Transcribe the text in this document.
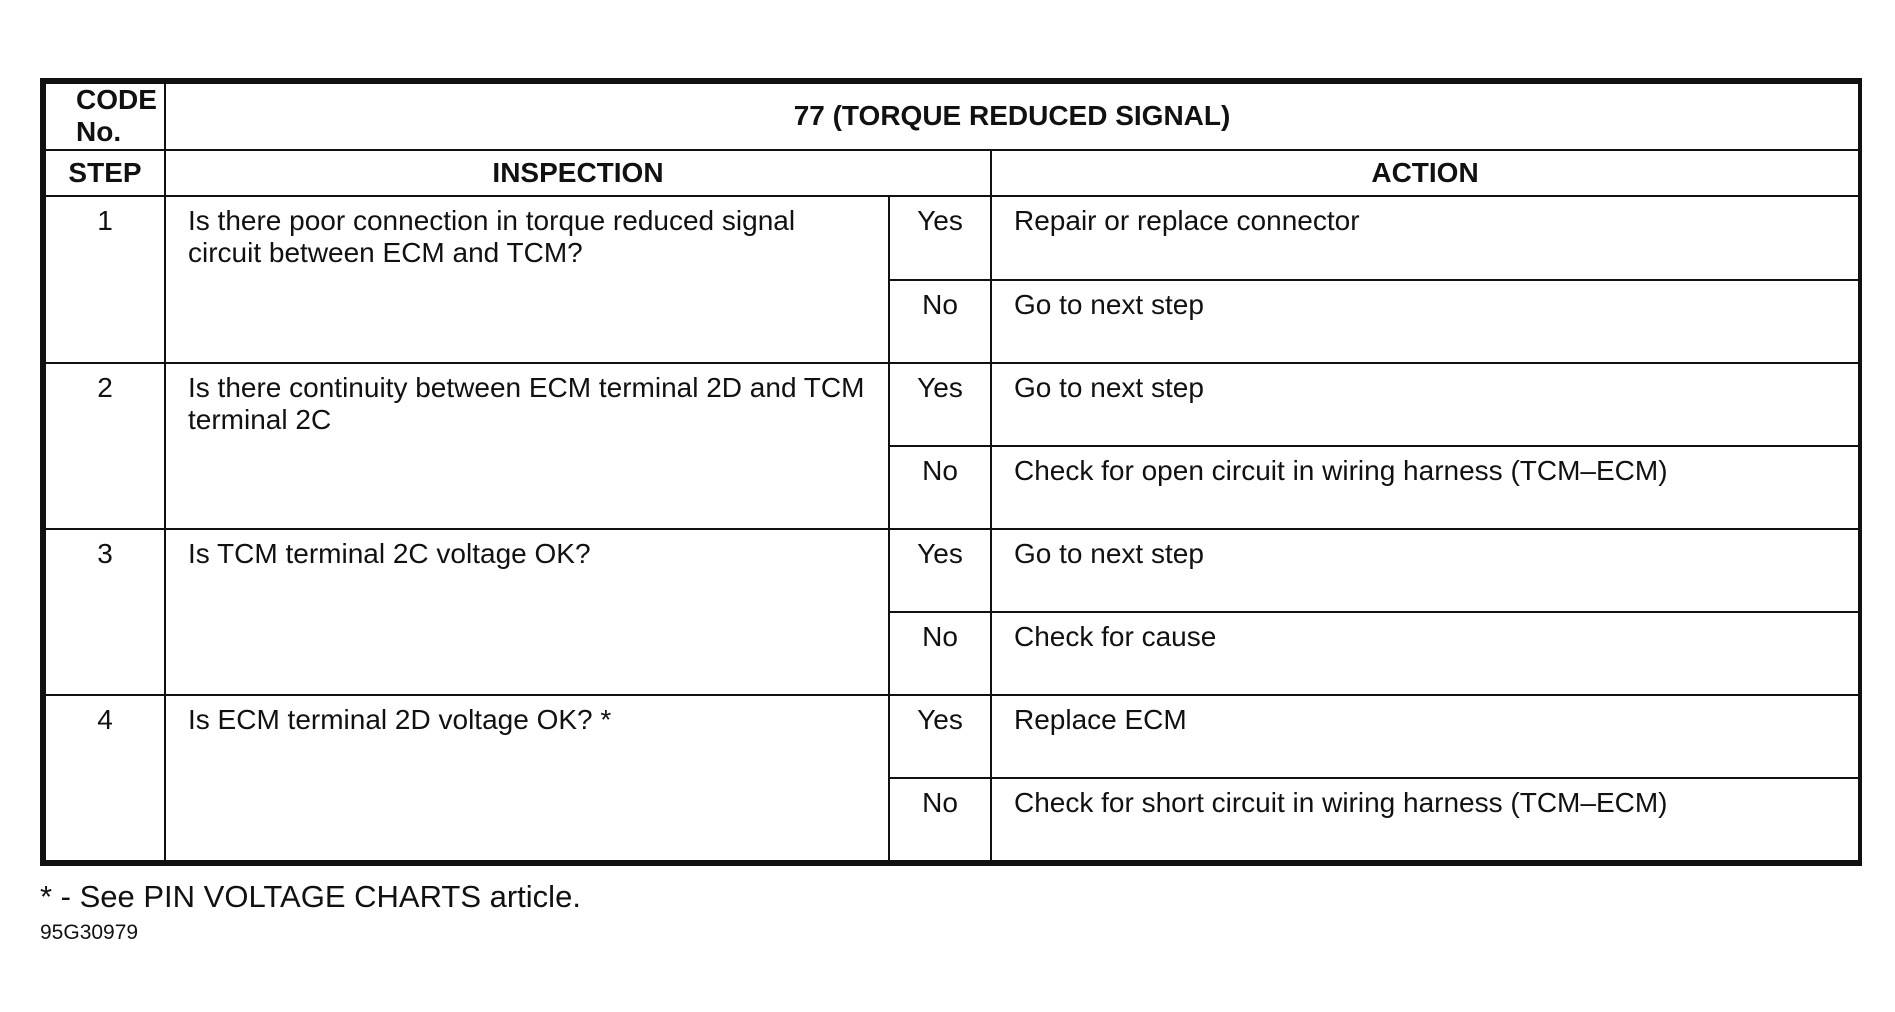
CODE No.	77 (TORQUE REDUCED SIGNAL)		
STEP	INSPECTION		ACTION
1	Is there poor connection in torque reduced signal circuit between ECM and TCM?	Yes	Repair or replace connector
		No	Go to next step
2	Is there continuity between ECM terminal 2D and TCM terminal 2C	Yes	Go to next step
		No	Check for open circuit in wiring harness (TCM–ECM)
3	Is TCM terminal 2C voltage OK?	Yes	Go to next step
		No	Check for cause
4	Is ECM terminal 2D voltage OK? *	Yes	Replace ECM
		No	Check for short circuit in wiring harness (TCM–ECM)
* - See PIN VOLTAGE CHARTS article.
95G30979
